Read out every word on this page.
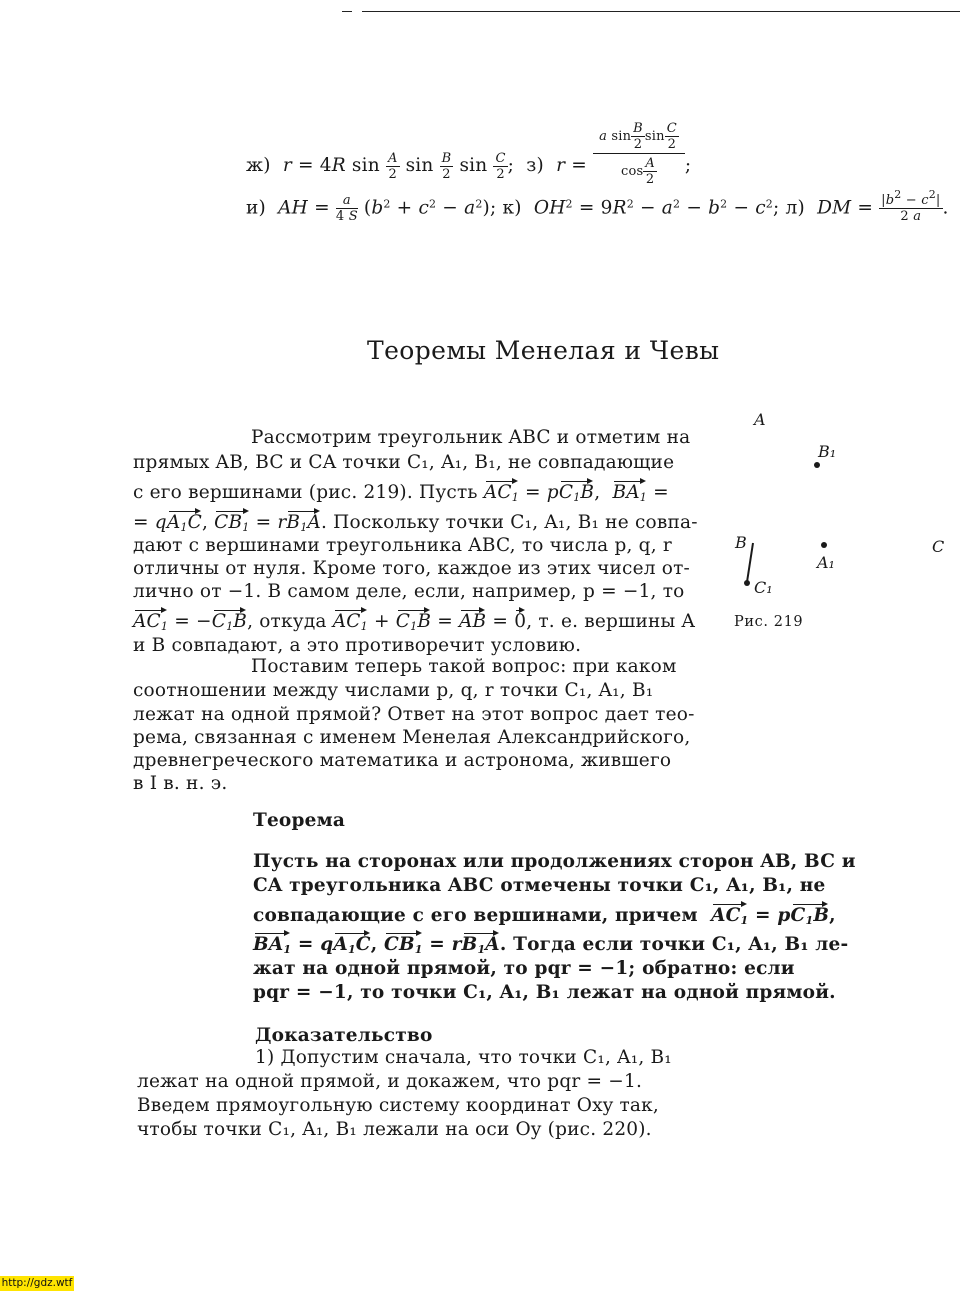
ж) r = 4R $\sin \frac{A}{2}$ $\sin \frac{B}{2}$ $\sin \frac{C}{2}$ ;  з) $r = \frac{a \sin \frac{B}{2} \sin \frac{C}{2}}{\cos \frac{A}{2}}$ ;
и) AH = $\frac{a}{4 S} (b^2 + c^2 - a^2)$; к) $OH^2 = 9R^2 - a^2 - b^2 - c^2$; л) DM = $\frac{|b^2 - c^2|}{2 a}$ .
Теоремы Менелая и Чевы
Рассмотрим треугольник ABC и отметим на
прямых AB, BC и CA точки C₁, A₁, B₁, не совпадающие
с его вершинами (рис. 219). Пусть $AC_1 = pC_1B$,  $BA_1$ =
= $qA_1C$, $CB_1 = rB_1A$. Поскольку точки C₁, A₁, B₁ не совпа-
дают с вершинами треугольника ABC, то числа p, q, r
отличны от нуля. Кроме того, каждое из этих чисел от-
лично от −1. В самом деле, если, например, p = −1, то
$AC_1 = -C_1B$, откуда $AC_1 + C_1B$ = AB = 0, т. е. вершины A
и B совпадают, а это противоречит условию.
Поставим теперь такой вопрос: при каком
соотношении между числами p, q, r точки C₁, A₁, B₁
лежат на одной прямой? Ответ на этот вопрос дает тео-
рема, связанная с именем Менелая Александрийского,
древнегреческого математика и астронома, жившего
в I в. н. э.
Теорема
Пусть на сторонах или продолжениях сторон AB, BC и
CA треугольника ABC отмечены точки C₁, A₁, B₁, не
совпадающие с его вершинами, причем $AC_1 = pC_1B$,
$BA_1 = qA_1C$, $CB_1 = rB_1A$. Тогда если точки C₁, A₁, B₁ ле-
жат на одной прямой, то pqr = −1; обратно: если
pqr = −1, то точки C₁, A₁, B₁ лежат на одной прямой.
Доказательство
1) Допустим сначала, что точки C₁, A₁, B₁
лежат на одной прямой, и докажем, что pqr = −1.
Введем прямоугольную систему координат Oxy так,
чтобы точки C₁, A₁, B₁ лежали на оси Oy (рис. 220).
A
B₁
B	C
A₁
C₁
Рис. 219
http://gdz.wtf
